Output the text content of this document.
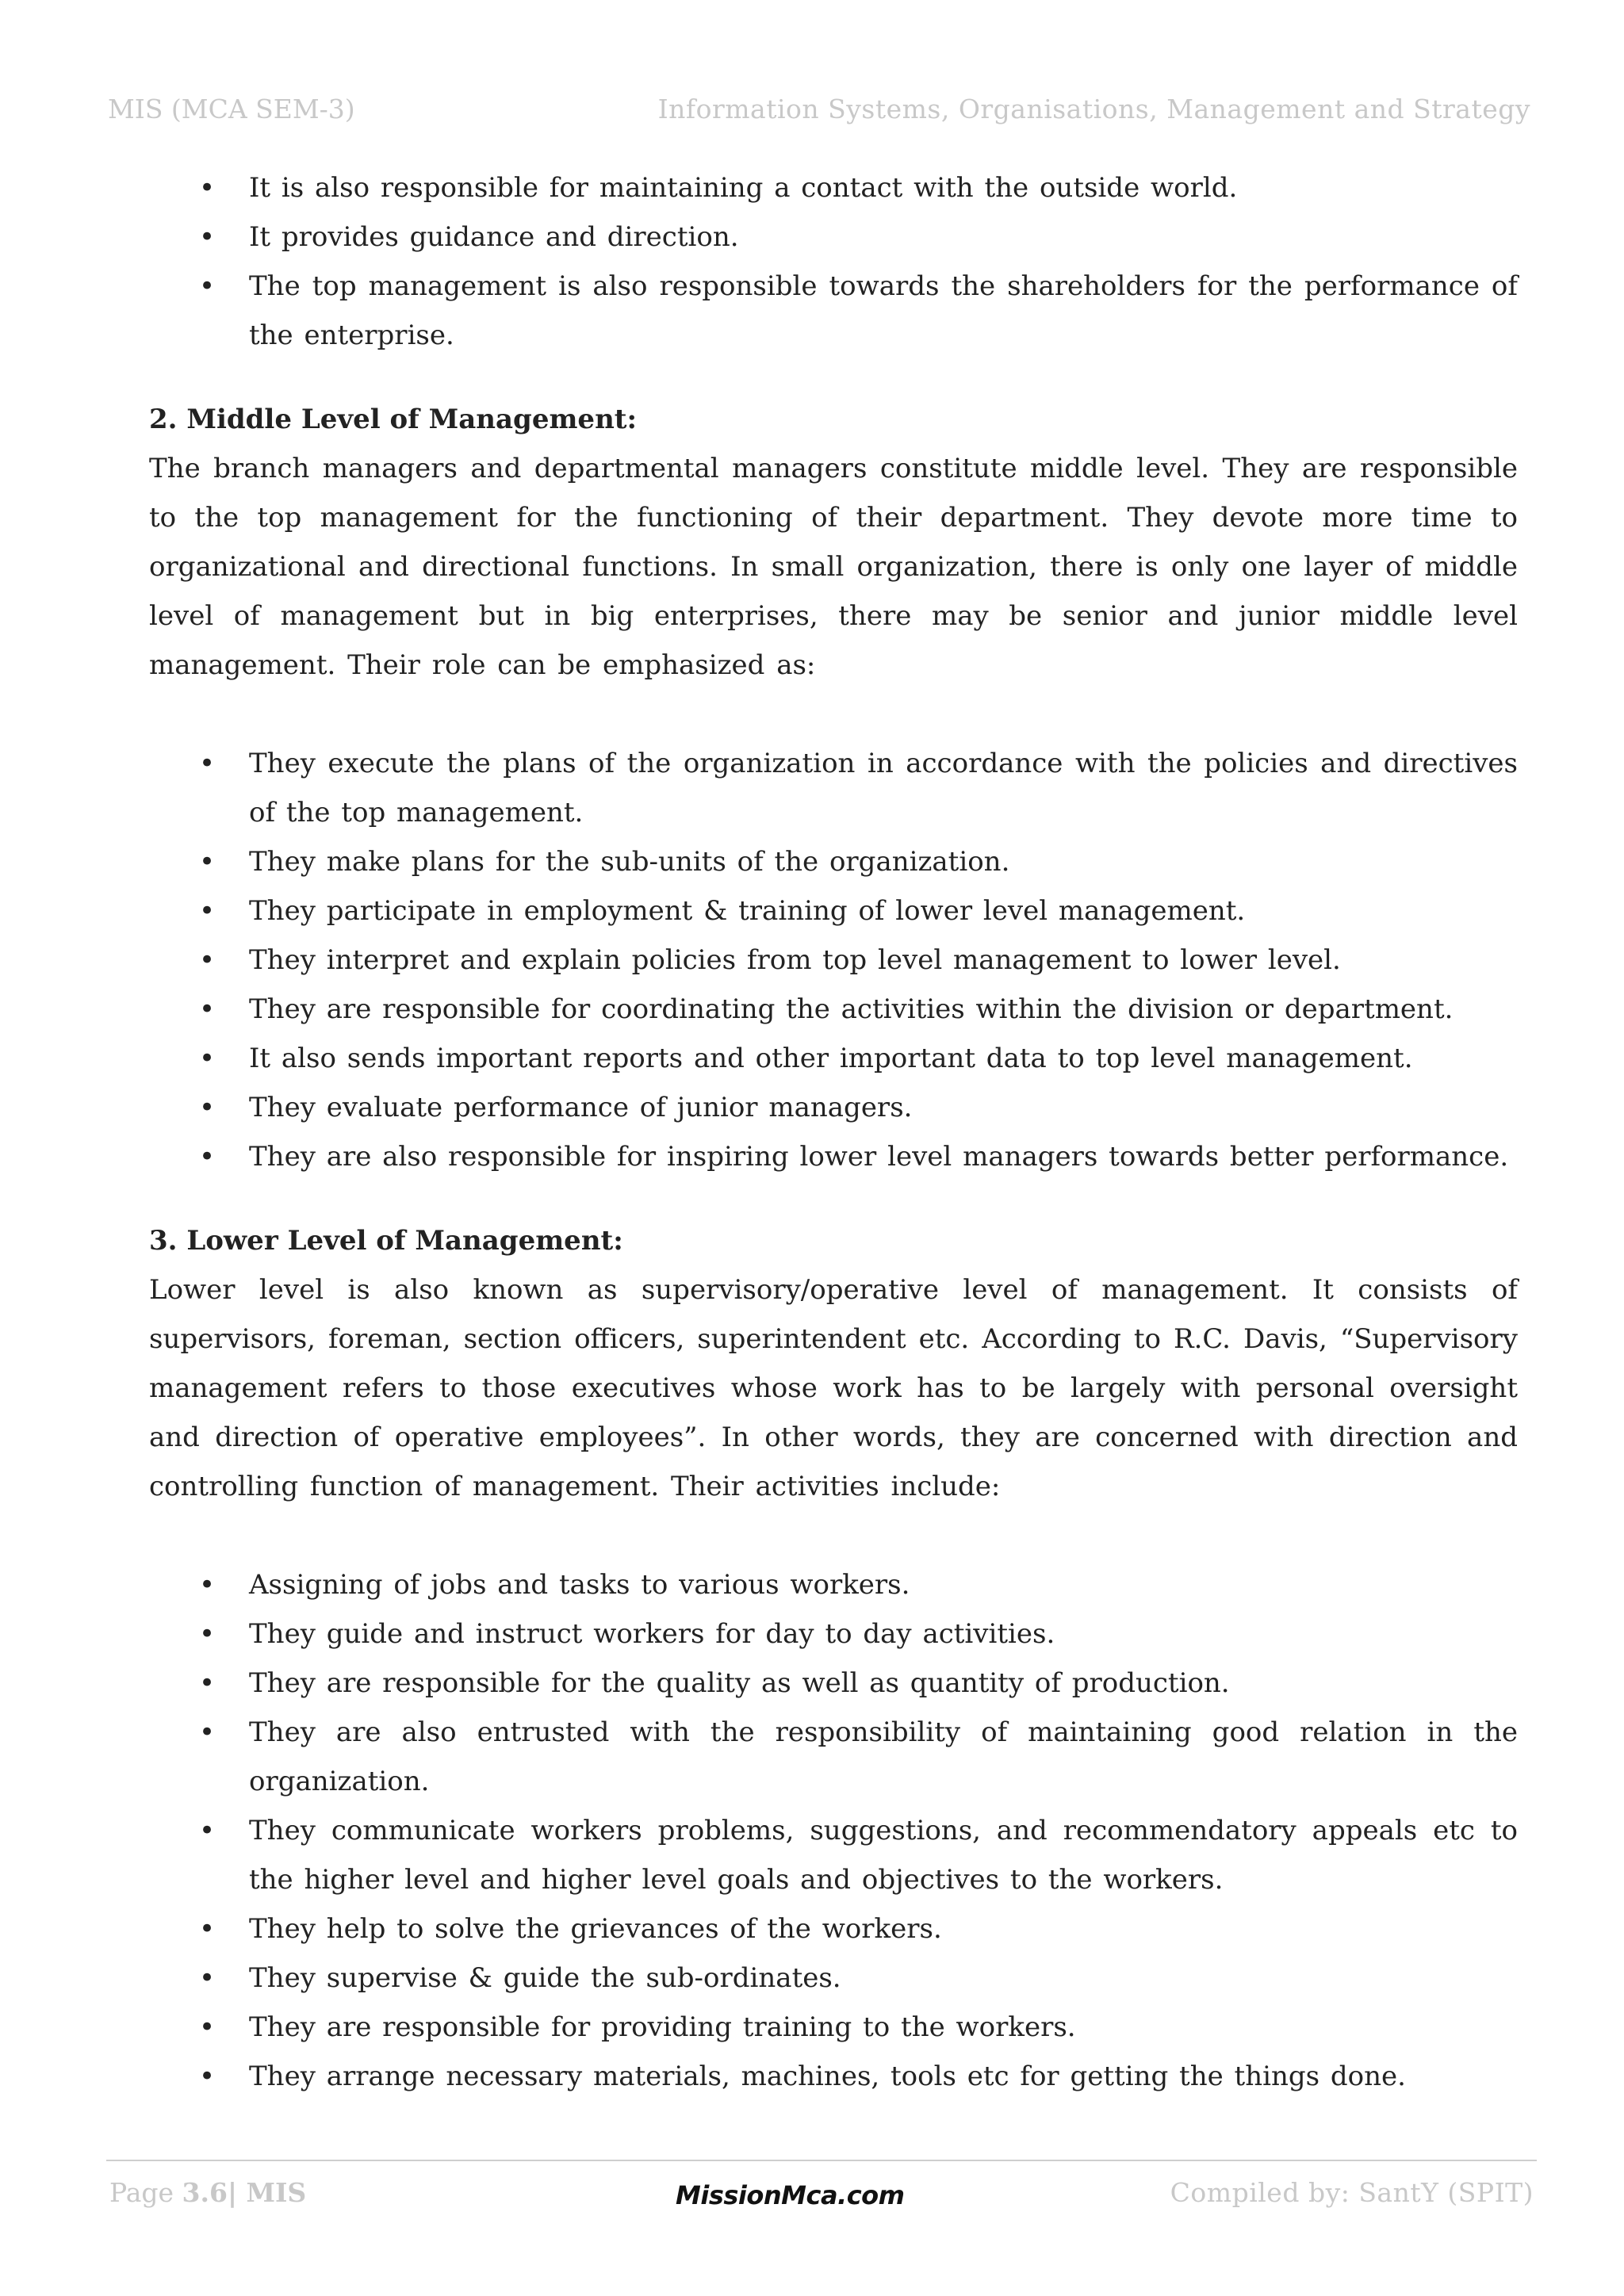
MIS (MCA SEM-3)	Information Systems, Organisations, Management and Strategy
• It is also responsible for maintaining a contact with the outside world.
• It provides guidance and direction.
• The top management is also responsible towards the shareholders for the performance of the enterprise.
2. Middle Level of Management:

The branch managers and departmental managers constitute middle level. They are responsible to the top management for the functioning of their department. They devote more time to organizational and directional functions. In small organization, there is only one layer of middle level of management but in big enterprises, there may be senior and junior middle level management. Their role can be emphasized as:

• They execute the plans of the organization in accordance with the policies and directives of the top management.
• They make plans for the sub-units of the organization.
• They participate in employment & training of lower level management.
• They interpret and explain policies from top level management to lower level.
• They are responsible for coordinating the activities within the division or department.
• It also sends important reports and other important data to top level management.
• They evaluate performance of junior managers.
• They are also responsible for inspiring lower level managers towards better performance.
3. Lower Level of Management:

Lower level is also known as supervisory/operative level of management. It consists of supervisors, foreman, section officers, superintendent etc. According to R.C. Davis, “Supervisory management refers to those executives whose work has to be largely with personal oversight and direction of operative employees”. In other words, they are concerned with direction and controlling function of management. Their activities include:

• Assigning of jobs and tasks to various workers.
• They guide and instruct workers for day to day activities.
• They are responsible for the quality as well as quantity of production.
• They are also entrusted with the responsibility of maintaining good relation in the organization.
• They communicate workers problems, suggestions, and recommendatory appeals etc to the higher level and higher level goals and objectives to the workers.
• They help to solve the grievances of the workers.
• They supervise & guide the sub-ordinates.
• They are responsible for providing training to the workers.
• They arrange necessary materials, machines, tools etc for getting the things done.
Page 3.6| MIS	MissionMca.com	Compiled by: SantY (SPIT)
